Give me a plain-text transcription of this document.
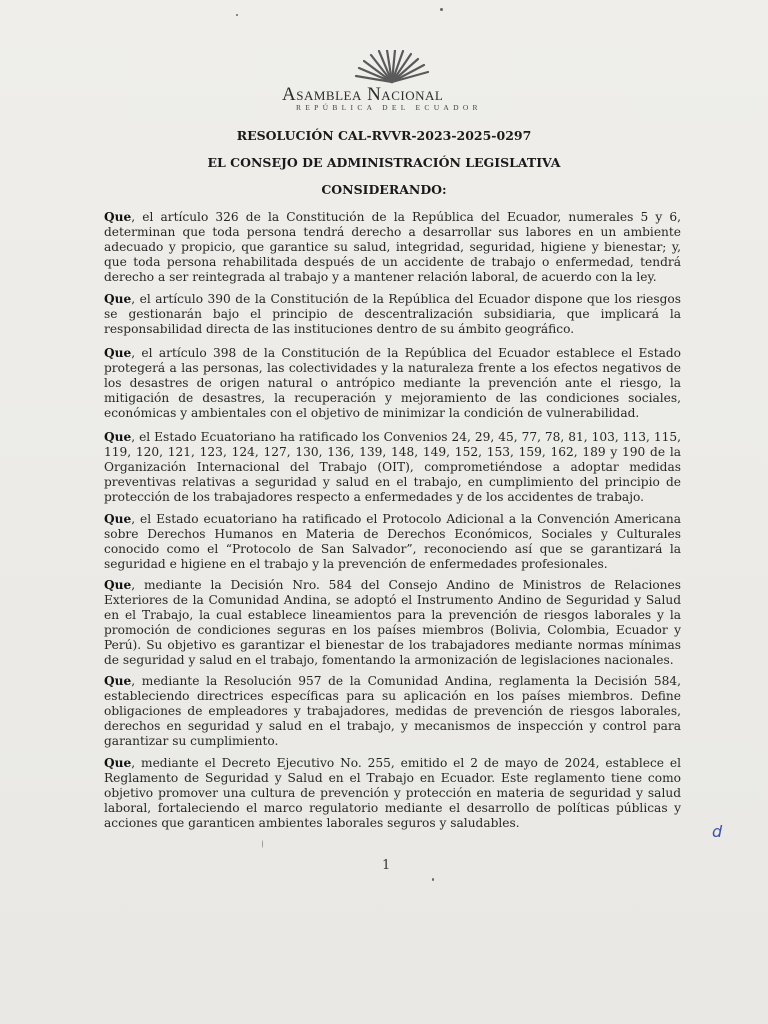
Asamblea Nacional
REPÚBLICA DEL ECUADOR
RESOLUCIÓN CAL-RVVR-2023-2025-0297
EL CONSEJO DE ADMINISTRACIÓN LEGISLATIVA
CONSIDERANDO:
Que, el artículo 326 de la Constitución de la República del Ecuador, numerales 5 y 6, determinan que toda persona tendrá derecho a desarrollar sus labores en un ambiente adecuado y propicio, que garantice su salud, integridad, seguridad, higiene y bienestar; y, que toda persona rehabilitada después de un accidente de trabajo o enfermedad, tendrá derecho a ser reintegrada al trabajo y a mantener relación laboral, de acuerdo con la ley.
Que, el artículo 390 de la Constitución de la República del Ecuador dispone que los riesgos se gestionarán bajo el principio de descentralización subsidiaria, que implicará la responsabilidad directa de las instituciones dentro de su ámbito geográfico.
Que, el artículo 398 de la Constitución de la República del Ecuador establece el Estado protegerá a las personas, las colectividades y la naturaleza frente a los efectos negativos de los desastres de origen natural o antrópico mediante la prevención ante el riesgo, la mitigación de desastres, la recuperación y mejoramiento de las condiciones sociales, económicas y ambientales con el objetivo de minimizar la condición de vulnerabilidad.
Que, el Estado Ecuatoriano ha ratificado los Convenios 24, 29, 45, 77, 78, 81, 103, 113, 115, 119, 120, 121, 123, 124, 127, 130, 136, 139, 148, 149, 152, 153, 159, 162, 189 y 190 de la Organización Internacional del Trabajo (OIT), comprometiéndose a adoptar medidas preventivas relativas a seguridad y salud en el trabajo, en cumplimiento del principio de protección de los trabajadores respecto a enfermedades y de los accidentes de trabajo.
Que, el Estado ecuatoriano ha ratificado el Protocolo Adicional a la Convención Americana sobre Derechos Humanos en Materia de Derechos Económicos, Sociales y Culturales conocido como el “Protocolo de San Salvador”, reconociendo así que se garantizará la seguridad e higiene en el trabajo y la prevención de enfermedades profesionales.
Que, mediante la Decisión Nro. 584 del Consejo Andino de Ministros de Relaciones Exteriores de la Comunidad Andina, se adoptó el Instrumento Andino de Seguridad y Salud en el Trabajo, la cual establece lineamientos para la prevención de riesgos laborales y la promoción de condiciones seguras en los países miembros (Bolivia, Colombia, Ecuador y Perú). Su objetivo es garantizar el bienestar de los trabajadores mediante normas mínimas de seguridad y salud en el trabajo, fomentando la armonización de legislaciones nacionales.
Que, mediante la Resolución 957 de la Comunidad Andina, reglamenta la Decisión 584, estableciendo directrices específicas para su aplicación en los países miembros. Define obligaciones de empleadores y trabajadores, medidas de prevención de riesgos laborales, derechos en seguridad y salud en el trabajo, y mecanismos de inspección y control para garantizar su cumplimiento.
Que, mediante el Decreto Ejecutivo No. 255, emitido el 2 de mayo de 2024, establece el Reglamento de Seguridad y Salud en el Trabajo en Ecuador. Este reglamento tiene como objetivo promover una cultura de prevención y protección en materia de seguridad y salud laboral, fortaleciendo el marco regulatorio mediante el desarrollo de políticas públicas y acciones que garanticen ambientes laborales seguros y saludables.
1
d
